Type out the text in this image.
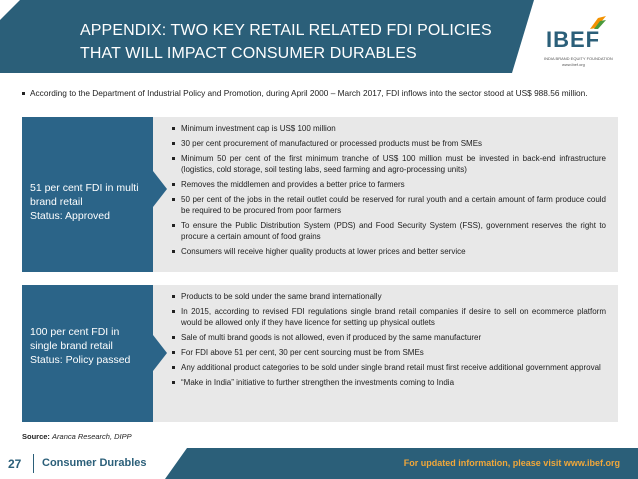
APPENDIX: TWO KEY RETAIL RELATED FDI POLICIES
THAT WILL IMPACT CONSUMER DURABLES
IBEF
INDIA BRAND EQUITY FOUNDATION
www.ibef.org
According to the Department of Industrial Policy and Promotion, during April 2000 – March 2017, FDI inflows into the sector stood at US$ 988.56 million.
51 per cent FDI in multi
brand retail
Status: Approved
Minimum investment cap is US$ 100 million
30 per cent procurement of manufactured or processed products must be from SMEs
Minimum 50 per cent of the first minimum tranche of US$ 100 million must be invested in back-end infrastructure (logistics, cold storage, soil testing labs, seed farming and agro-processing units)
Removes the middlemen and provides a better price to farmers
50 per cent of the jobs in the retail outlet could be reserved for rural youth and a certain amount of farm produce could be required to be procured from poor farmers
To ensure the Public Distribution System (PDS) and Food Security System (FSS), government reserves the right to procure a certain amount of food grains
Consumers will receive higher quality products at lower prices and better service
100 per cent FDI in
single brand retail
Status: Policy passed
Products to be sold under the same brand internationally
In 2015, according to revised FDI regulations single brand retail companies if desire to sell on ecommerce platform would be allowed only if they have licence for setting up physical outlets
Sale of multi brand goods is not allowed, even if produced by the same manufacturer
For FDI above 51 per cent, 30 per cent sourcing must be from SMEs
Any additional product categories to be sold under single brand retail must first receive additional government approval
“Make in India” initiative to further strengthen the investments coming to India
Source: Aranca Research, DIPP
27 Consumer Durables	For updated information, please visit www.ibef.org
